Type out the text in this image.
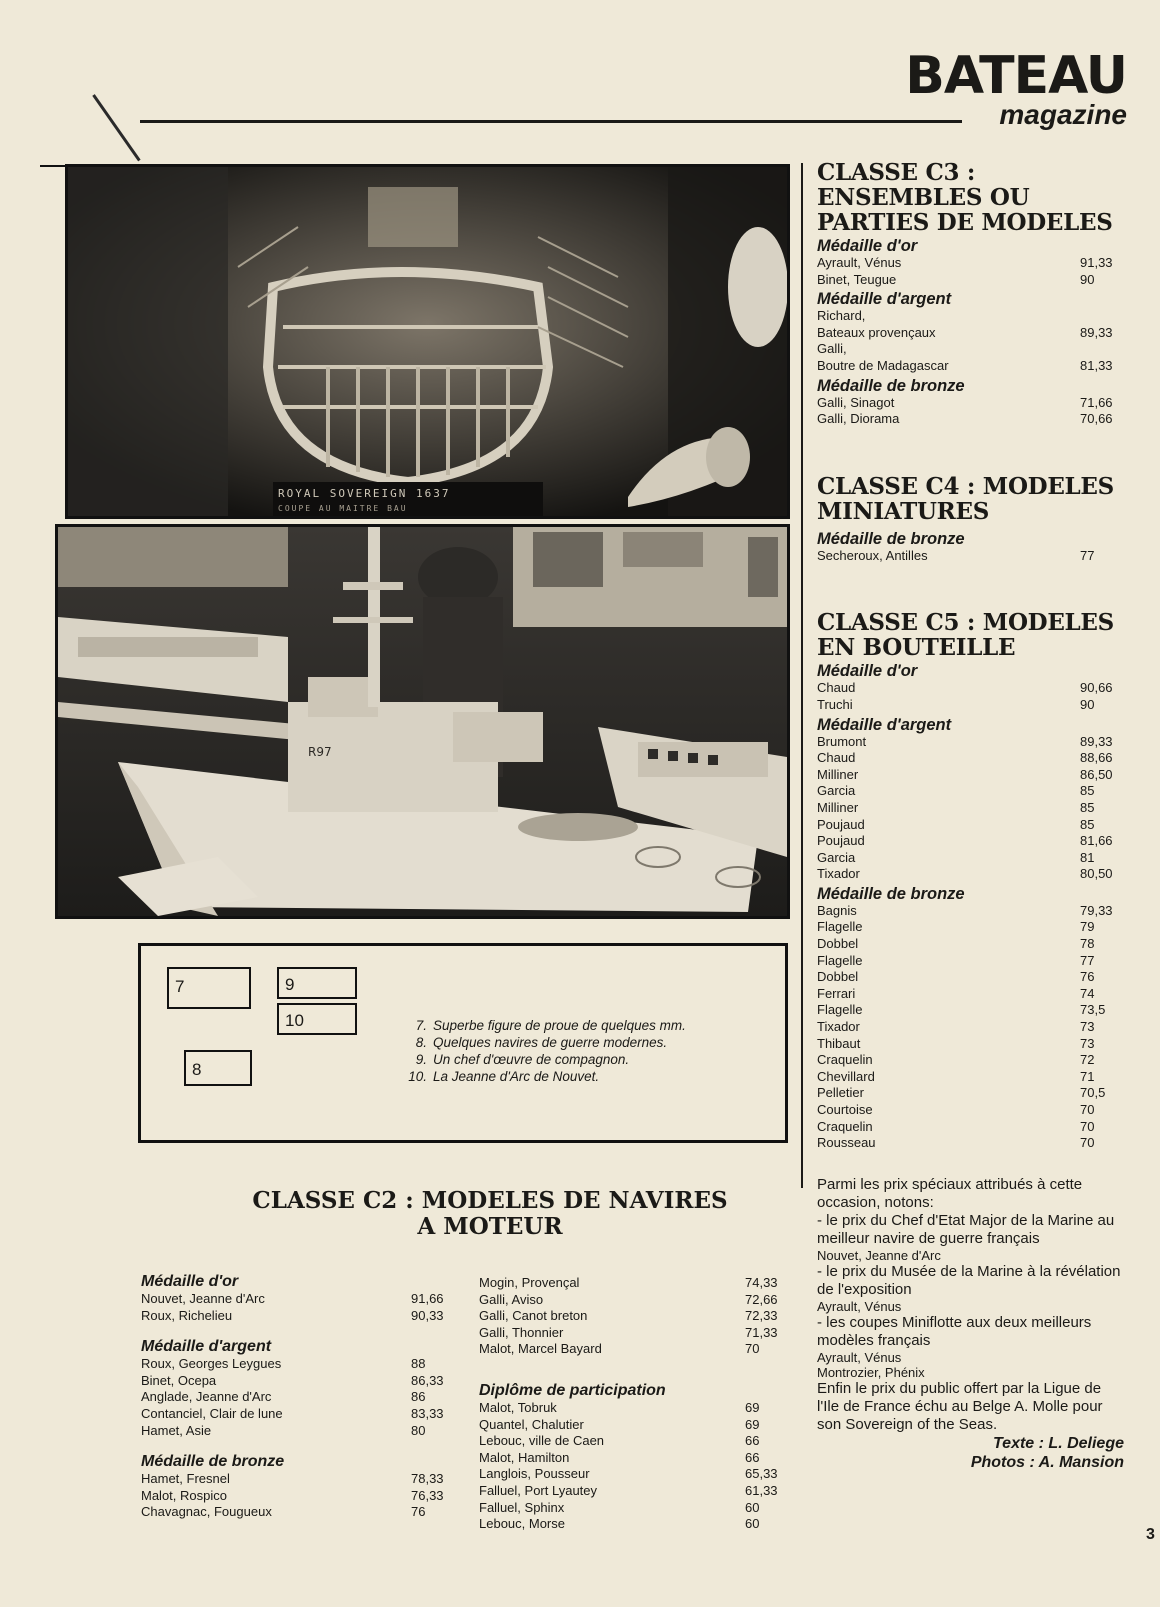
BATEAU
magazine
ROYAL SOVEREIGN 1637
COUPE AU MAITRE BAU
R97
7	9
10
8
7. Superbe figure de proue de quelques mm.
8. Quelques navires de guerre modernes.
9. Un chef d'œuvre de compagnon.
10. La Jeanne d'Arc de Nouvet.
CLASSE C3 :
ENSEMBLES OU
PARTIES DE MODELES
Médaille d'or
Ayrault, Vénus	91,33
Binet, Teugue	90
Médaille d'argent
Richard,
Bateaux provençaux	89,33
Galli,
Boutre de Madagascar	81,33
Médaille de bronze
Galli, Sinagot	71,66
Galli, Diorama	70,66
CLASSE C4 : MODELES
MINIATURES
Médaille de bronze
Secheroux, Antilles	77
CLASSE C5 : MODELES
EN BOUTEILLE
Médaille d'or
Chaud	90,66
Truchi	90
Médaille d'argent
Brumont	89,33
Chaud	88,66
Milliner	86,50
Garcia	85
Milliner	85
Poujaud	85
Poujaud	81,66
Garcia	81
Tixador	80,50
Médaille de bronze
Bagnis	79,33
Flagelle	79
Dobbel	78
Flagelle	77
Dobbel	76
Ferrari	74
Flagelle	73,5
Tixador	73
Thibaut	73
Craquelin	72
Chevillard	71
Pelletier	70,5
Courtoise	70
Craquelin	70
Rousseau	70
Parmi les prix spéciaux attribués à cette occasion, notons:
- le prix du Chef d'Etat Major de la Marine au meilleur navire de guerre français
Nouvet, Jeanne d'Arc
- le prix du Musée de la Marine à la révélation de l'exposition
Ayrault, Vénus
- les coupes Miniflotte aux deux meilleurs modèles français
Ayrault, Vénus
Montrozier, Phénix
Enfin le prix du public offert par la Ligue de l'Ile de France échu au Belge A. Molle pour son Sovereign of the Seas.
Texte : L. Deliege
Photos : A. Mansion
3
CLASSE C2 : MODELES DE NAVIRES
A MOTEUR
Médaille d'or
Nouvet, Jeanne d'Arc	91,66
Roux, Richelieu	90,33
Médaille d'argent
Roux, Georges Leygues	88
Binet, Ocepa	86,33
Anglade, Jeanne d'Arc	86
Contanciel, Clair de lune	83,33
Hamet, Asie	80
Médaille de bronze
Hamet, Fresnel	78,33
Malot, Rospico	76,33
Chavagnac, Fougueux	76
Mogin, Provençal	74,33
Galli, Aviso	72,66
Galli, Canot breton	72,33
Galli, Thonnier	71,33
Malot, Marcel Bayard	70
Diplôme de participation
Malot, Tobruk	69
Quantel, Chalutier	69
Lebouc, ville de Caen	66
Malot, Hamilton	66
Langlois, Pousseur	65,33
Falluel, Port Lyautey	61,33
Falluel, Sphinx	60
Lebouc, Morse	60
